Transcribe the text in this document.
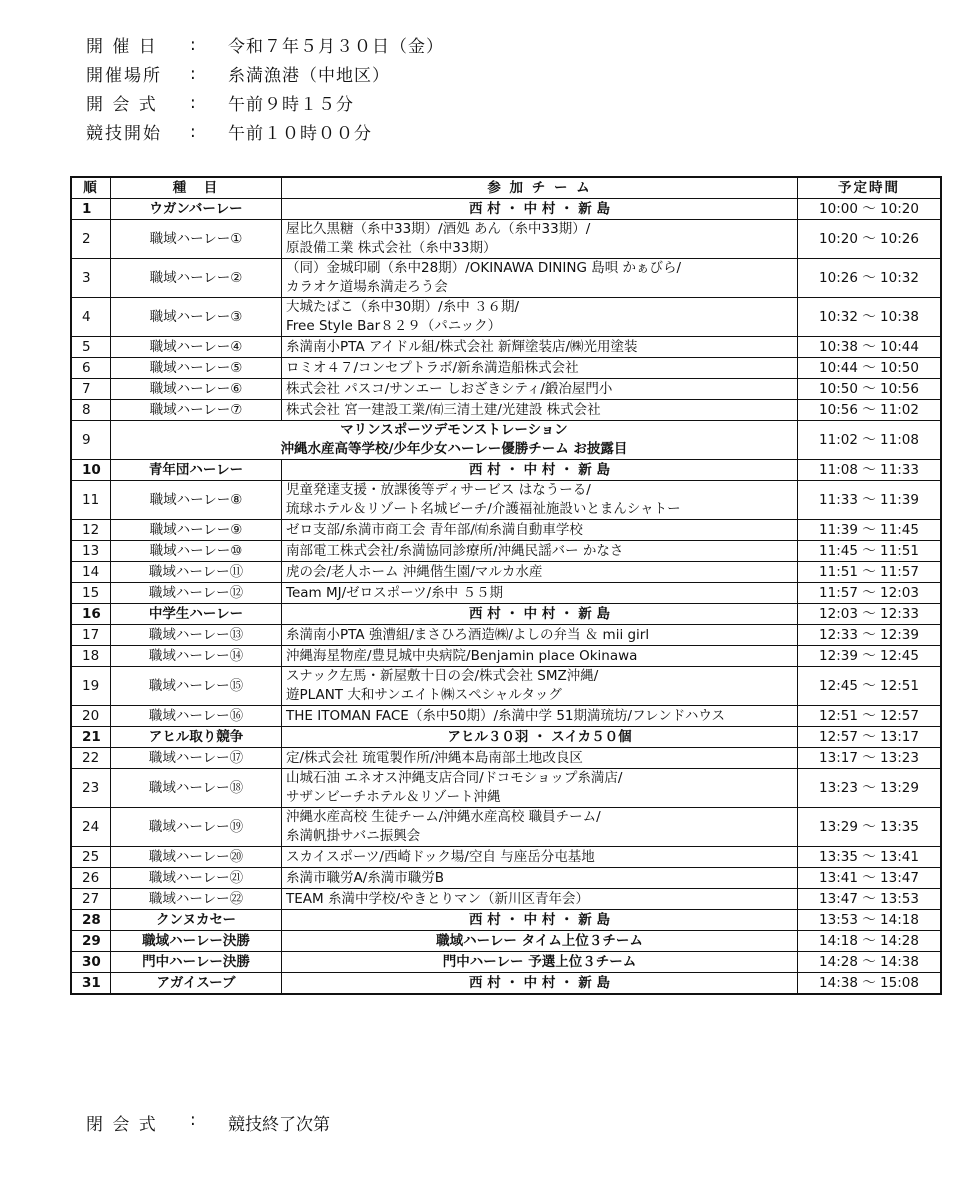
開 催 日	:	令和７年５月３０日（金）
開催場所	:	糸満漁港（中地区）
開 会 式	:	午前９時１５分
競技開始	:	午前１０時００分
順	種　目	参 加 チ ー ム	予定時間
1	ウガンバーレー	西 村 ・ 中 村 ・ 新 島	10:00 ～ 10:20
2	職域ハーレー①	屋比久黒糖（糸中33期）/酒処 あん（糸中33期）/
原設備工業 株式会社（糸中33期）	10:20 ～ 10:26
3	職域ハーレー②	（同）金城印刷（糸中28期）/OKINAWA DINING 島唄 かぁびら/
カラオケ道場糸満走ろう会	10:26 ～ 10:32
4	職域ハーレー③	大城たばこ（糸中30期）/糸中 ３６期/
Free Style Bar８２９（パニック）	10:32 ～ 10:38
5	職域ハーレー④	糸満南小PTA アイドル組/株式会社 新輝塗装店/㈱光用塗装	10:38 ～ 10:44
6	職域ハーレー⑤	ロミオ４７/コンセプトラボ/新糸満造船株式会社	10:44 ～ 10:50
7	職域ハーレー⑥	株式会社 パスコ/サンエー しおざきシティ/鍛冶屋門小	10:50 ～ 10:56
8	職域ハーレー⑦	株式会社 宮一建設工業/㈲三清土建/光建設 株式会社	10:56 ～ 11:02
9	マリンスポーツデモンストレーション
沖縄水産高等学校/少年少女ハーレー優勝チーム お披露目		11:02 ～ 11:08
10	青年団ハーレー	西 村 ・ 中 村 ・ 新 島	11:08 ～ 11:33
11	職域ハーレー⑧	児童発達支援・放課後等ディサービス はなうーる/
琉球ホテル＆リゾート名城ビーチ/介護福祉施設いとまんシャトー	11:33 ～ 11:39
12	職域ハーレー⑨	ゼロ支部/糸満市商工会 青年部/㈲糸満自動車学校	11:39 ～ 11:45
13	職域ハーレー⑩	南部電工株式会社/糸満協同診療所/沖縄民謡バー かなさ	11:45 ～ 11:51
14	職域ハーレー⑪	虎の会/老人ホーム 沖縄偕生園/マルカ水産	11:51 ～ 11:57
15	職域ハーレー⑫	Team MJ/ゼロスポーツ/糸中 ５５期	11:57 ～ 12:03
16	中学生ハーレー	西 村 ・ 中 村 ・ 新 島	12:03 ～ 12:33
17	職域ハーレー⑬	糸満南小PTA 強漕組/まさひろ酒造㈱/よしの弁当 ＆ mii girl	12:33 ～ 12:39
18	職域ハーレー⑭	沖縄海星物産/豊見城中央病院/Benjamin place Okinawa	12:39 ～ 12:45
19	職域ハーレー⑮	スナック左馬・新屋敷十日の会/株式会社 SMZ沖縄/
遊PLANT 大和サンエイト㈱スペシャルタッグ	12:45 ～ 12:51
20	職域ハーレー⑯	THE ITOMAN FACE（糸中50期）/糸満中学 51期満琉坊/フレンドハウス	12:51 ～ 12:57
21	アヒル取り競争	アヒル３０羽 ・ スイカ５０個	12:57 ～ 13:17
22	職域ハーレー⑰	定/株式会社 琉電製作所/沖縄本島南部土地改良区	13:17 ～ 13:23
23	職域ハーレー⑱	山城石油 エネオス沖縄支店合同/ドコモショップ糸満店/
サザンビーチホテル＆リゾート沖縄	13:23 ～ 13:29
24	職域ハーレー⑲	沖縄水産高校 生徒チーム/沖縄水産高校 職員チーム/
糸満帆掛サバニ振興会	13:29 ～ 13:35
25	職域ハーレー⑳	スカイスポーツ/西崎ドック場/空自 与座岳分屯基地	13:35 ～ 13:41
26	職域ハーレー㉑	糸満市職労A/糸満市職労B	13:41 ～ 13:47
27	職域ハーレー㉒	TEAM 糸満中学校/やきとりマン（新川区青年会）	13:47 ～ 13:53
28	クンヌカセー	西 村 ・ 中 村 ・ 新 島	13:53 ～ 14:18
29	職域ハーレー決勝	職域ハーレー タイム上位３チーム	14:18 ～ 14:28
30	門中ハーレー決勝	門中ハーレー 予選上位３チーム	14:28 ～ 14:38
31	アガイスーブ	西 村 ・ 中 村 ・ 新 島	14:38 ～ 15:08
閉 会 式	:	競技終了次第
